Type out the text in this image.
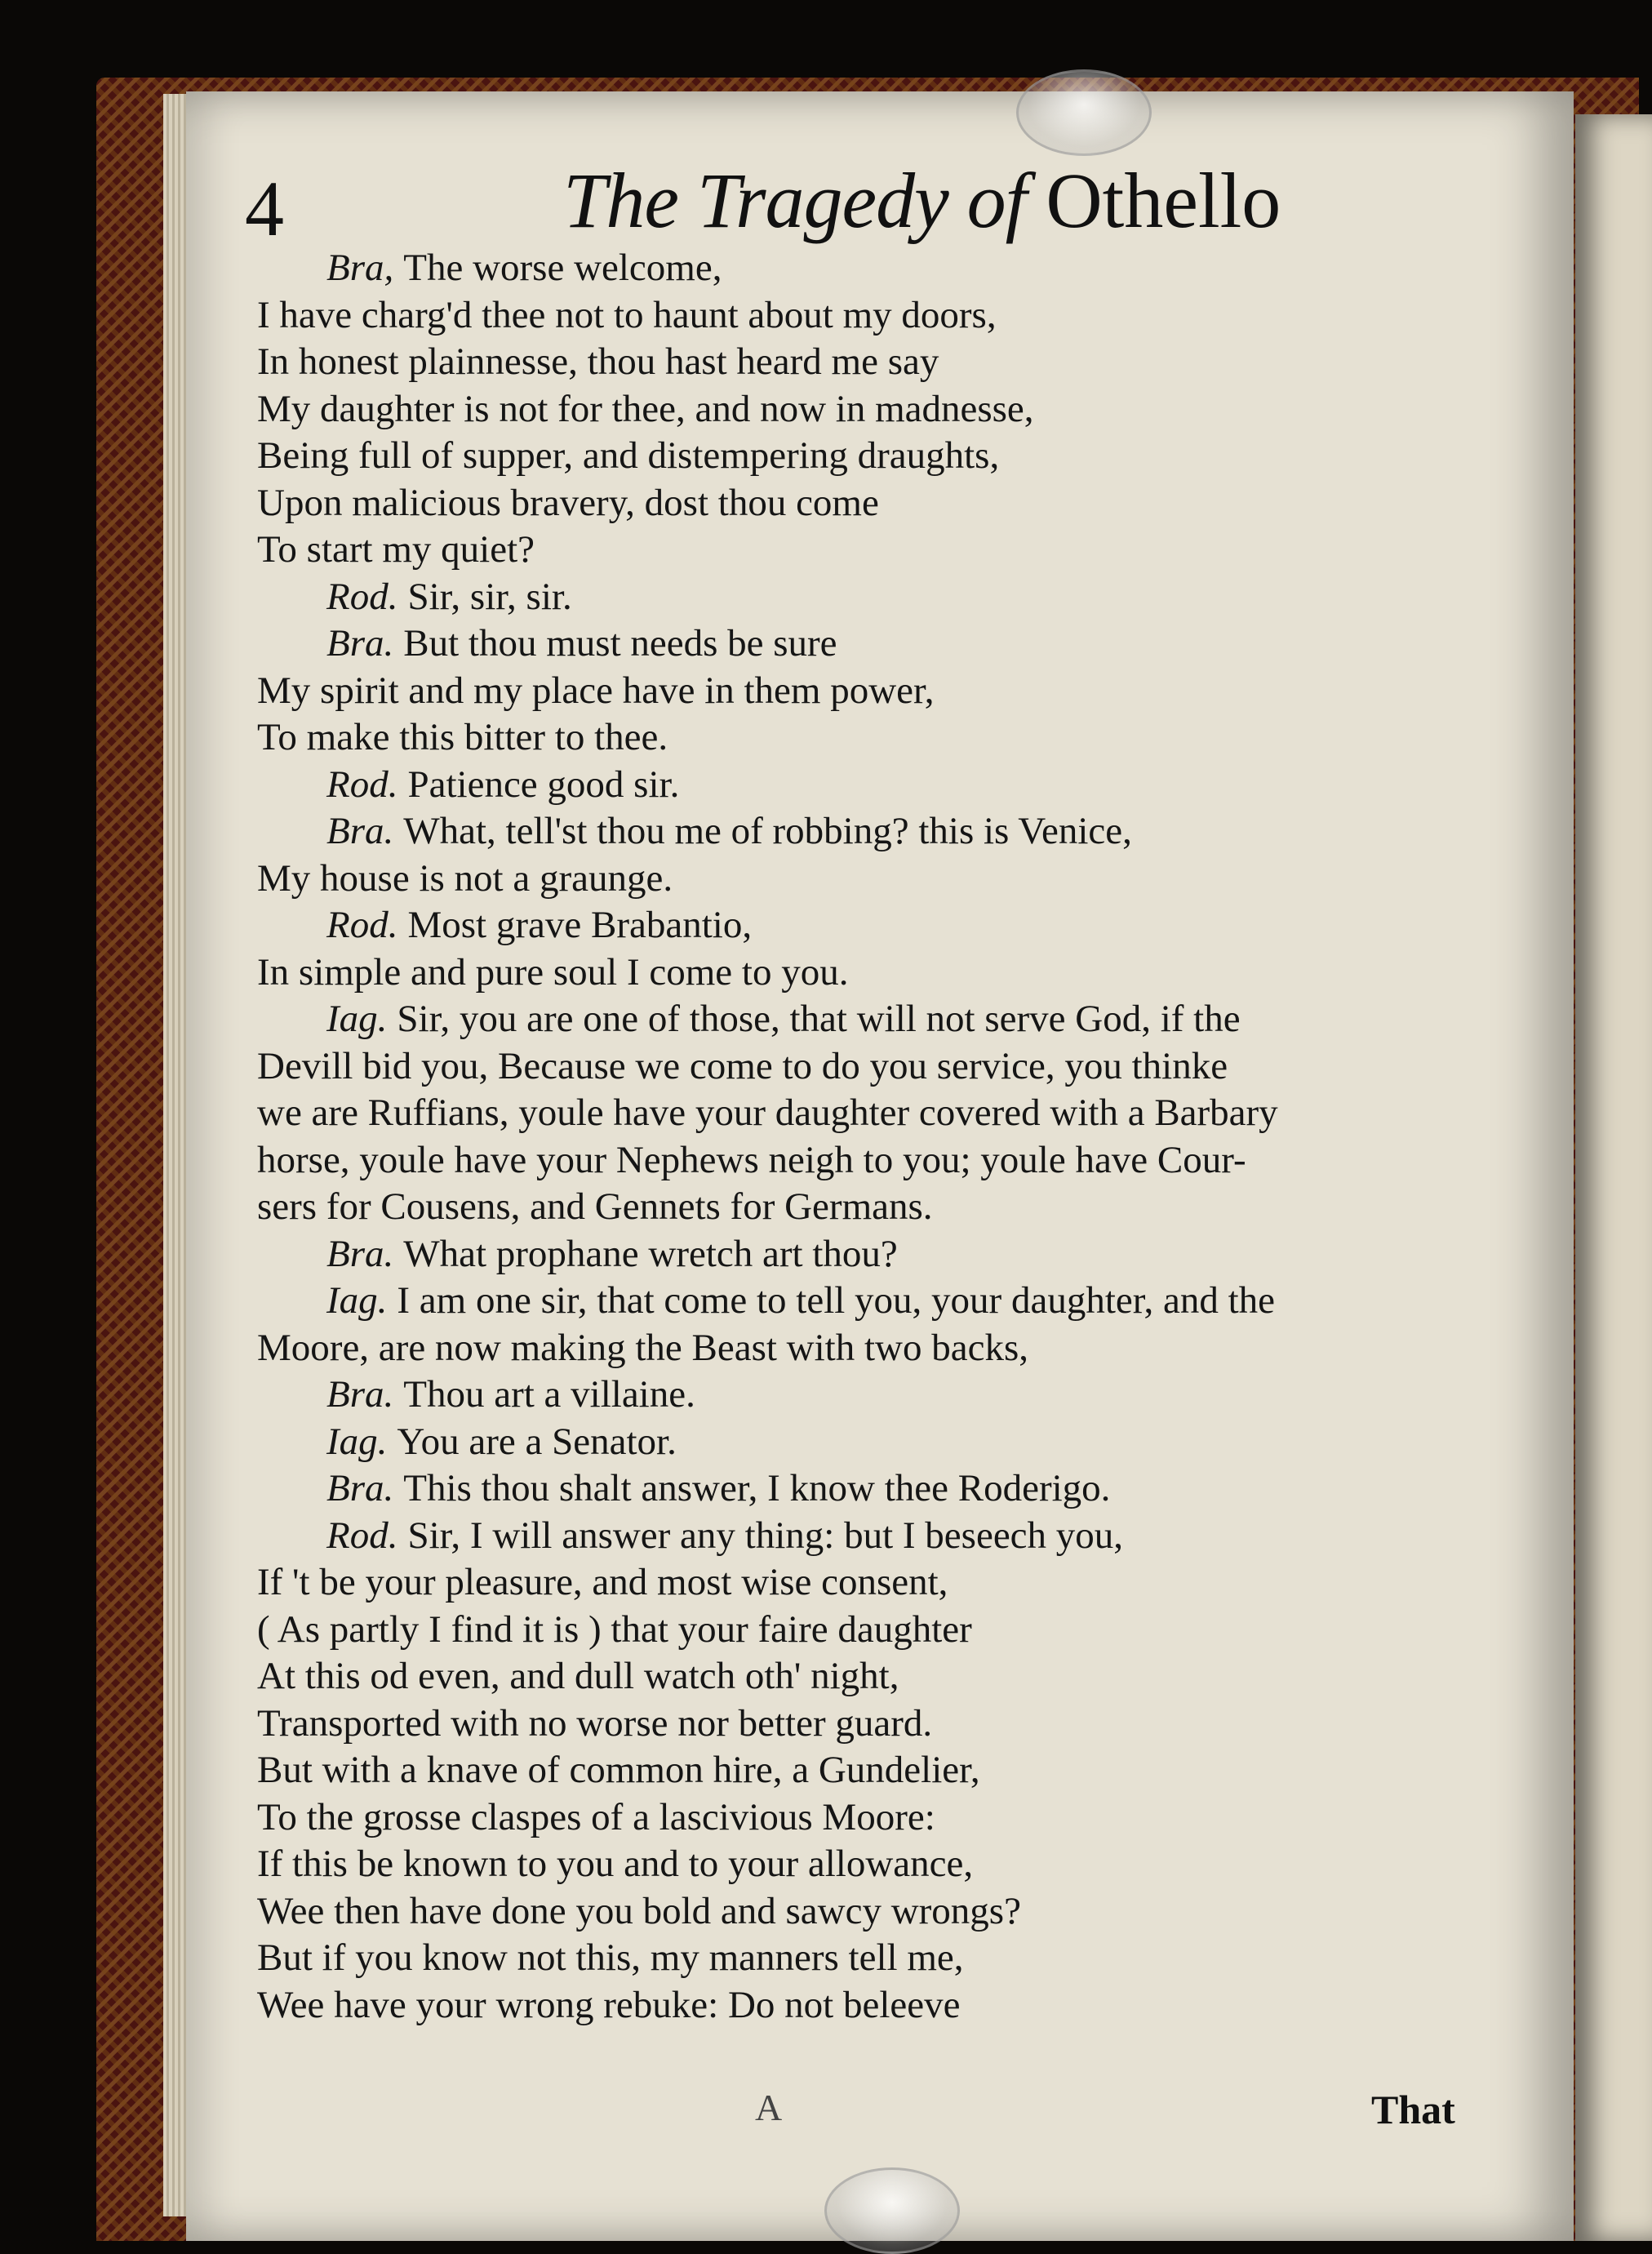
4	The Tragedy of Othello
Bra, The worse welcome,
I have charg'd thee not to haunt about my doors,
In honest plainnesse, thou hast heard me say
My daughter is not for thee, and now in madnesse,
Being full of supper, and distempering draughts,
Upon malicious bravery, dost thou come
To start my quiet?
Rod. Sir, sir, sir.
Bra. But thou must needs be sure
My spirit and my place have in them power,
To make this bitter to thee.
Rod. Patience good sir.
Bra. What, tell'st thou me of robbing? this is Venice,
My house is not a graunge.
Rod. Most grave Brabantio,
In simple and pure soul I come to you.
Iag. Sir, you are one of those, that will not serve God, if the
Devill bid you, Because we come to do you service, you thinke
we are Ruffians, youle have your daughter covered with a Barbary
horse, youle have your Nephews neigh to you; youle have Cour-
sers for Cousens, and Gennets for Germans.
Bra. What prophane wretch art thou?
Iag. I am one sir, that come to tell you, your daughter, and the
Moore, are now making the Beast with two backs,
Bra. Thou art a villaine.
Iag. You are a Senator.
Bra. This thou shalt answer, I know thee Roderigo.
Rod. Sir, I will answer any thing: but I beseech you,
If 't be your pleasure, and most wise consent,
( As partly I find it is ) that your faire daughter
At this od even, and dull watch oth' night,
Transported with no worse nor better guard.
But with a knave of common hire, a Gundelier,
To the grosse claspes of a lascivious Moore:
If this be known to you and to your allowance,
Wee then have done you bold and sawcy wrongs?
But if you know not this, my manners tell me,
Wee have your wrong rebuke: Do not beleeve
A	That
